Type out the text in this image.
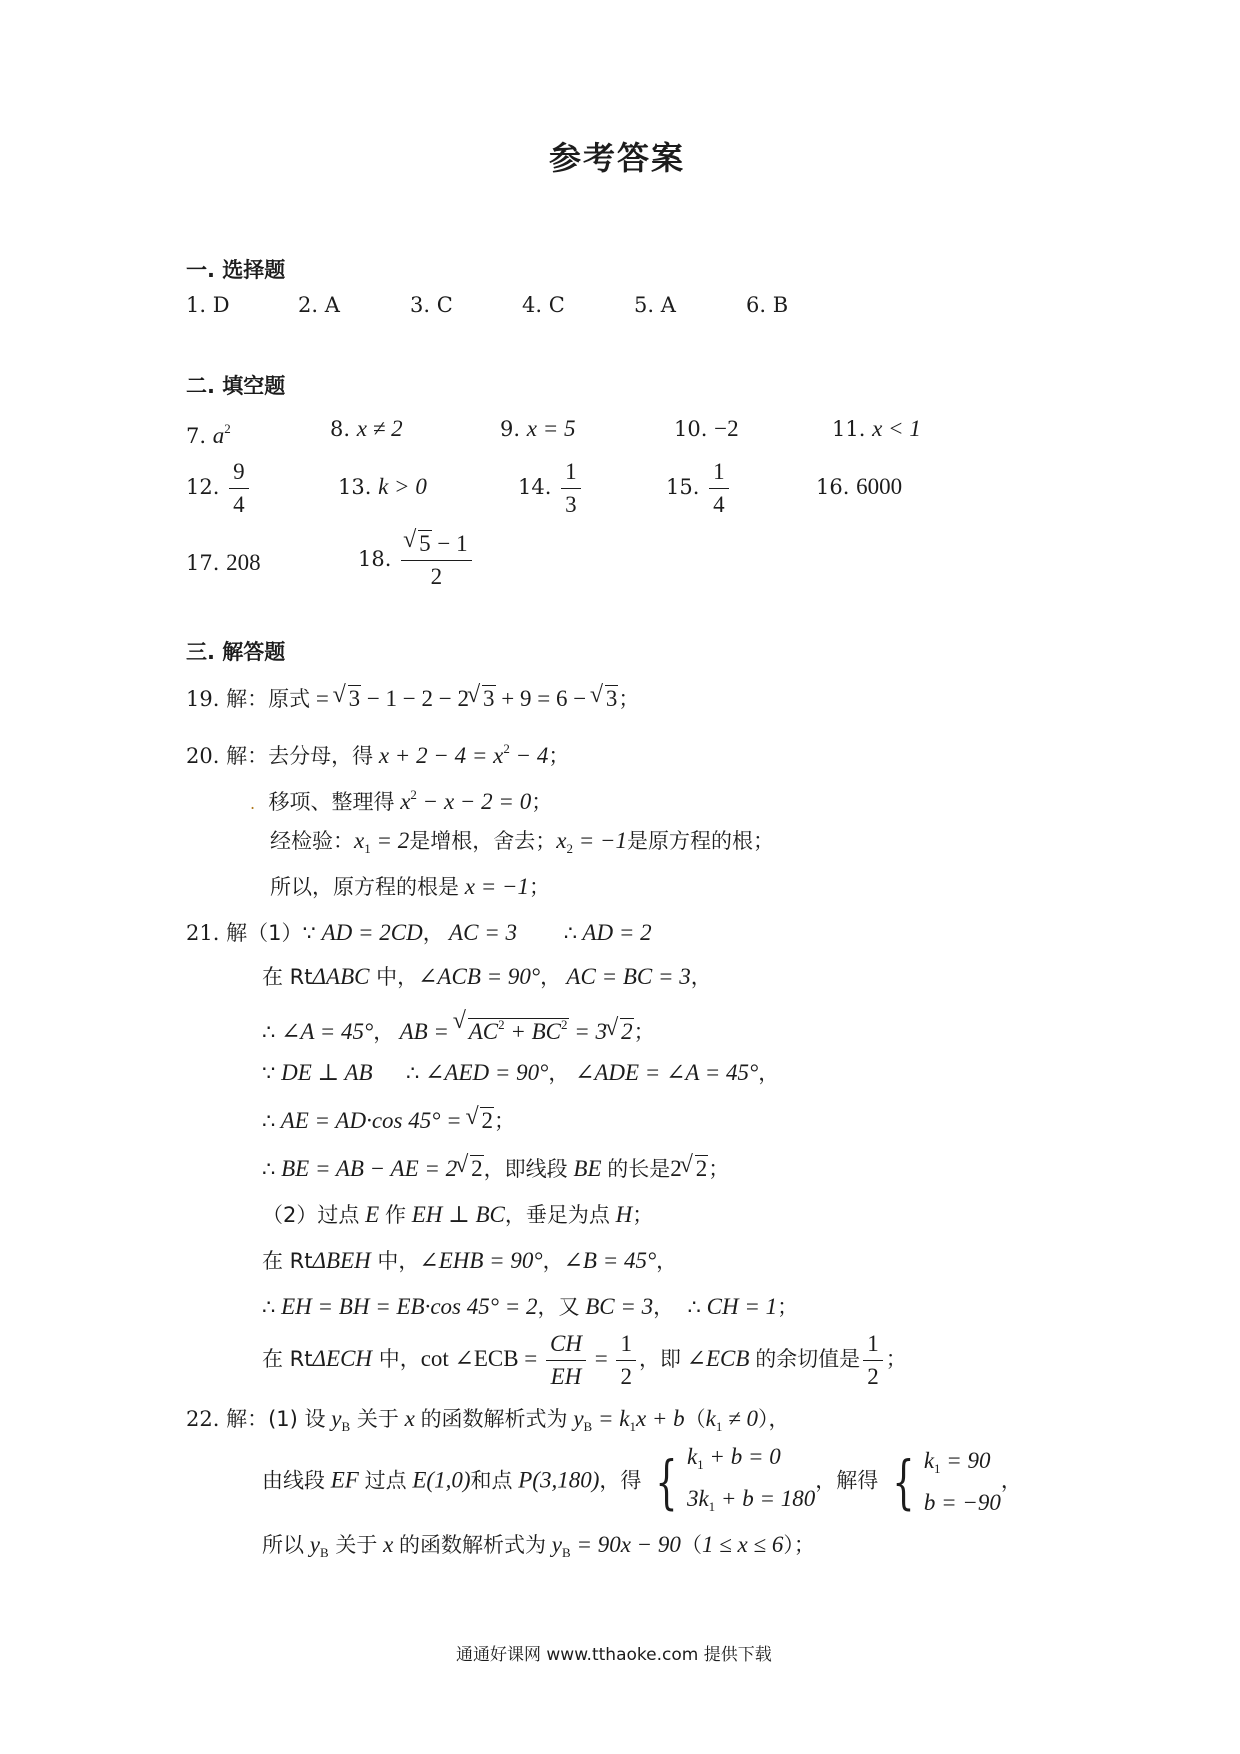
参考答案
一. 选择题
1. D	2. A	3. C	4. C	5. A	6. B
二. 填空题
7. $a^2$	8. x ≠ 2	9. x = 5	10. −2	11. x < 1
12. $\frac{9}{4}$	13. k > 0	14. $\frac{1}{3}$	15. $\frac{1}{4}$	16. 6000
17. 208	18.
√ $\frac{5 - 1}{2}$
三. 解答题
19. 解：原式 = √ 3 − 1 − 2 − 2√ 3 + 9 = 6 − √ 3；
20. 解：去分母，得 $x + 2 - 4 = x^2 - 4$；
. 移项、整理得 $x^2 - x - 2 = 0$；
经检验：$x_1 = 2$是增根，舍去；$x_2 = -1$是原方程的根；
所以，原方程的根是 x = −1；
21. 解（1）∵ AD = 2CD， AC = 3 ∴ AD = 2
在 RtΔABC 中，∠ACB = 90°， AC = BC = 3，
∴ ∠A = 45°， AB = √ $AC^2 + BC^2 = 3√$ 2；
∵ DE ⊥ AB ∴ ∠AED = 90°， ∠ADE = ∠A = 45°，
∴ AE = AD·cos 45° = √ 2；
∴ BE = AB − AE = 2√ 2，即线段 BE 的长是2√ 2；
（2）过点 E 作 EH ⊥ BC，垂足为点 H；
在 RtΔBEH 中，∠EHB = 90°，∠B = 45°，
∴ EH = BH = EB·cos 45° = 2，又 BC = 3， ∴ CH = 1；
在 RtΔECH 中，cot ∠ECB = $\frac{CH}{EH} = \frac{1}{2}$ ，即 ∠ECB 的余切值是 $\frac{1}{2}$ ；
22. 解：(1) 设 $y_B$ 关于 x 的函数解析式为 $y_B = k_1x + b(k_1 \ne 0)$，
由线段 EF 过点 E(1,0)和点 P(3,180)，得 { $k_1 + b = 0$
$3k_1 + b = 180$
，解得 { $k_1 = 90$
b = −90
，
所以 $y_B$ 关于 x 的函数解析式为 $y_B = 90x - 90(1 \le x \le 6)$；
通通好课网 www.tthaoke.com 提供下载
